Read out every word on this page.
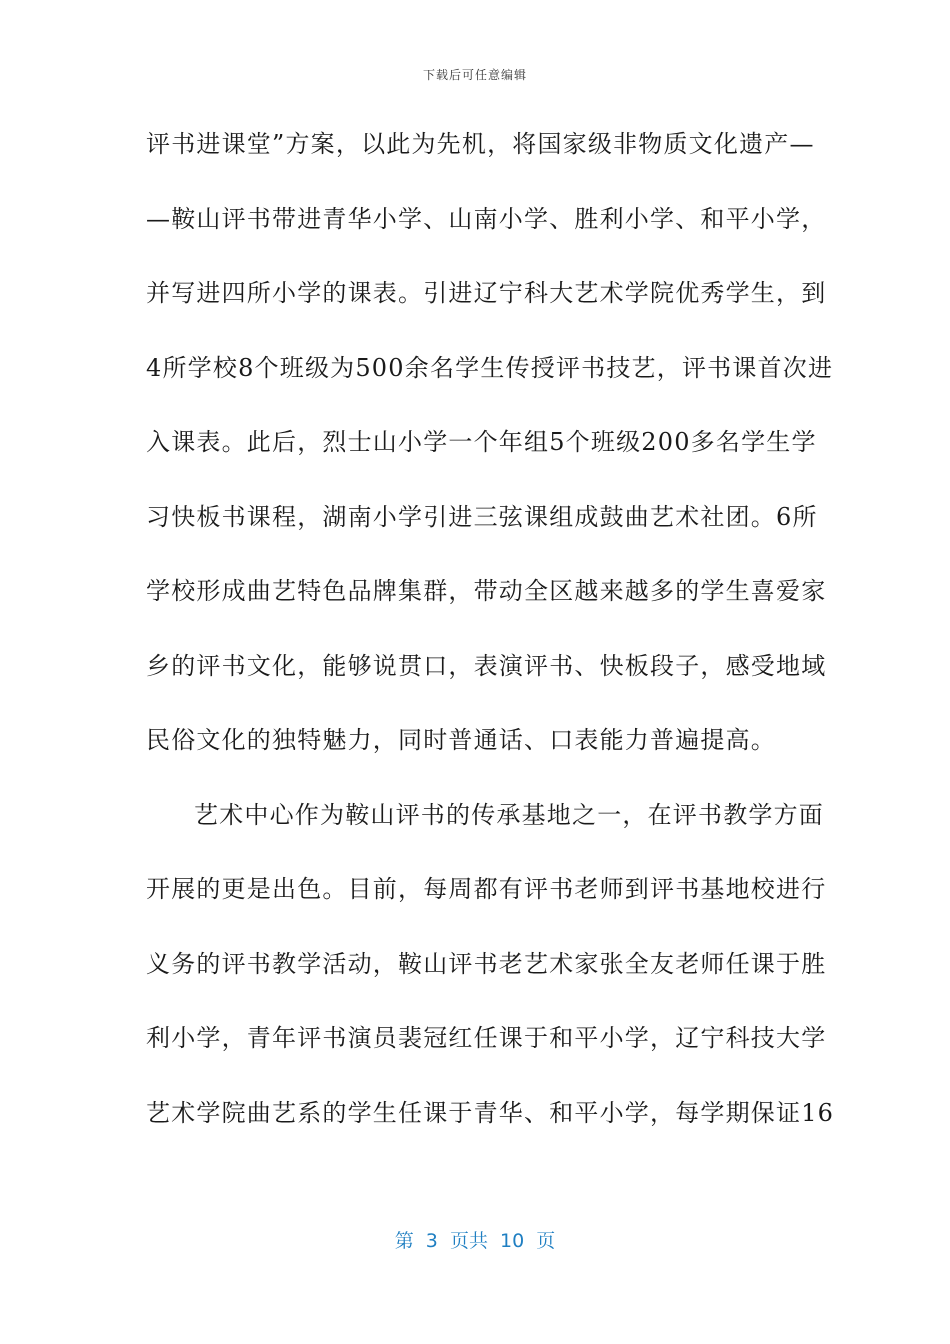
下载后可任意编辑
评书进课堂”方案，以此为先机，将国家级非物质文化遗产—
—鞍山评书带进青华小学、山南小学、胜利小学、和平小学，
并写进四所小学的课表。引进辽宁科大艺术学院优秀学生，到
4所学校8个班级为500余名学生传授评书技艺，评书课首次进
入课表。此后，烈士山小学一个年组5个班级200多名学生学
习快板书课程，湖南小学引进三弦课组成鼓曲艺术社团。6所
学校形成曲艺特色品牌集群，带动全区越来越多的学生喜爱家
乡的评书文化，能够说贯口，表演评书、快板段子，感受地域
民俗文化的独特魅力，同时普通话、口表能力普遍提高。
艺术中心作为鞍山评书的传承基地之一，在评书教学方面
开展的更是出色。目前，每周都有评书老师到评书基地校进行
义务的评书教学活动，鞍山评书老艺术家张全友老师任课于胜
利小学，青年评书演员裴冠红任课于和平小学，辽宁科技大学
艺术学院曲艺系的学生任课于青华、和平小学，每学期保证16
第  3  页共  10  页
